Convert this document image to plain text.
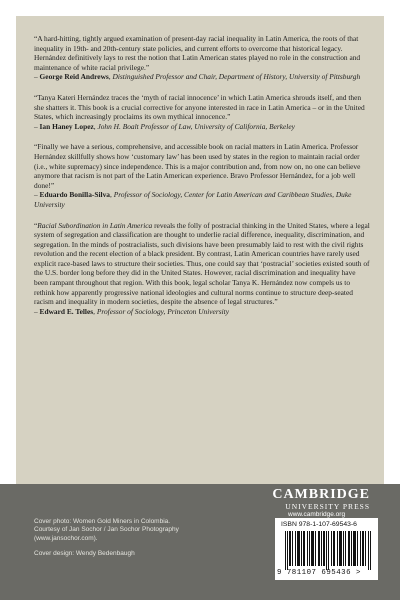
“A hard-hitting, tightly argued examination of present-day racial inequality in Latin America, the roots of that inequality in 19th- and 20th-century state policies, and current efforts to overcome that historical legacy. Hernández definitively lays to rest the notion that Latin American states played no role in the construction and maintenance of white racial privilege.”

– George Reid Andrews, Distinguished Professor and Chair, Department of History, University of Pittsburgh

“Tanya Kateri Hernández traces the ‘myth of racial innocence’ in which Latin America shrouds itself, and then she shatters it. This book is a crucial corrective for anyone interested in race in Latin America – or in the United States, which increasingly proclaims its own mythical innocence.”

– Ian Haney Lopez, John H. Boalt Professor of Law, University of California, Berkeley

“Finally we have a serious, comprehensive, and accessible book on racial matters in Latin America. Professor Hernández skillfully shows how ‘customary law’ has been used by states in the region to maintain racial order (i.e., white supremacy) since independence. This is a major contribution and, from now on, no one can believe anymore that racism is not part of the Latin American experience. Bravo Professor Hernández, for a job well done!”

– Eduardo Bonilla-Silva, Professor of Sociology, Center for Latin American and Caribbean Studies, Duke University

“Racial Subordination in Latin America reveals the folly of postracial thinking in the United States, where a legal system of segregation and classification are thought to underlie racial difference, inequality, discrimination, and segregation. In the minds of postracialists, such divisions have been presumably laid to rest with the civil rights revolution and the recent election of a black president. By contrast, Latin American countries have rarely used explicit race-based laws to structure their societies. Thus, one could say that ‘postracial’ societies existed south of the U.S. border long before they did in the United States. However, racial discrimination and inequality have been rampant throughout that region. With this book, legal scholar Tanya K. Hernández now compels us to rethink how apparently progressive national ideologies and cultural norms continue to structure deep-seated racism and inequality in modern societies, despite the absence of legal structures.”

– Edward E. Telles, Professor of Sociology, Princeton University

Cover photo: Women Gold Miners in Colombia. Courtesy of Jan Sochor / Jan Sochor Photography (www.jansochor.com).

Cover design: Wendy Bedenbaugh

CAMBRIDGE
UNIVERSITY PRESS
www.cambridge.org
ISBN 978-1-107-69543-6
9 781107 695436 >
